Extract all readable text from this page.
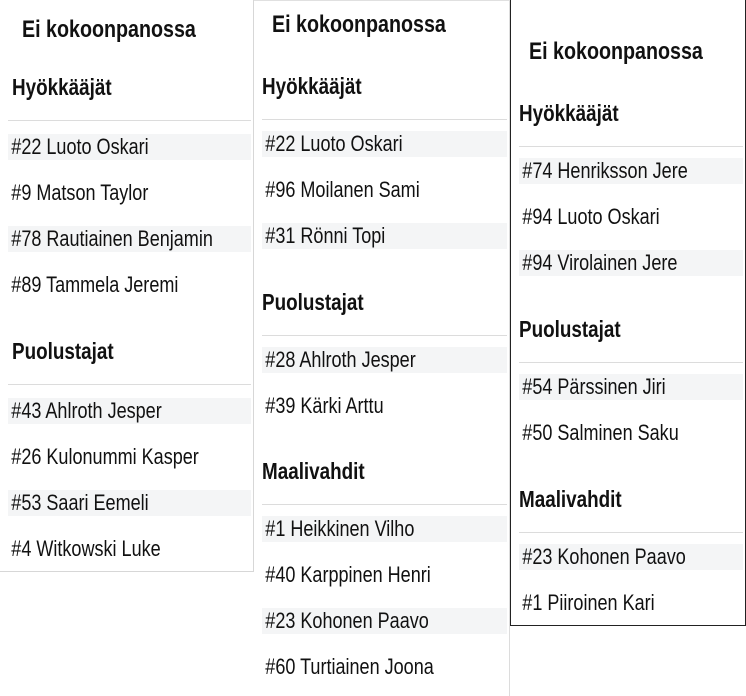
Ei kokoonpanossa
Hyökkääjät
#22 Luoto Oskari
#9 Matson Taylor
#78 Rautiainen Benjamin
#89 Tammela Jeremi
Puolustajat
#43 Ahlroth Jesper
#26 Kulonummi Kasper
#53 Saari Eemeli
#4 Witkowski Luke
Ei kokoonpanossa
Hyökkääjät
#22 Luoto Oskari
#96 Moilanen Sami
#31 Rönni Topi
Puolustajat
#28 Ahlroth Jesper
#39 Kärki Arttu
Maalivahdit
#1 Heikkinen Vilho
#40 Karppinen Henri
#23 Kohonen Paavo
#60 Turtiainen Joona
Ei kokoonpanossa
Hyökkääjät
#74 Henriksson Jere
#94 Luoto Oskari
#94 Virolainen Jere
Puolustajat
#54 Pärssinen Jiri
#50 Salminen Saku
Maalivahdit
#23 Kohonen Paavo
#1 Piiroinen Kari
